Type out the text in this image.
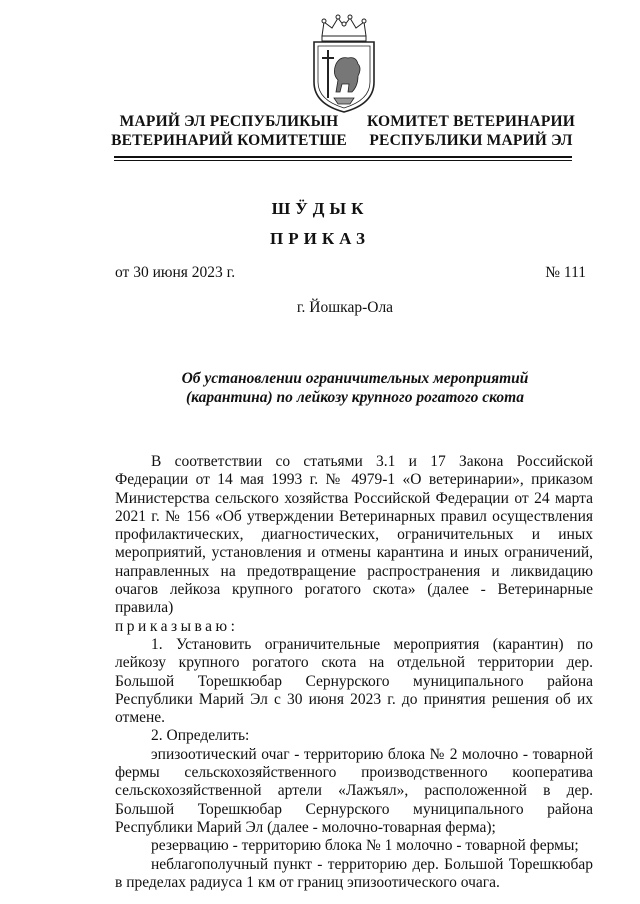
МАРИЙ ЭЛ РЕСПУБЛИКЫН
ВЕТЕРИНАРИЙ КОМИТЕТШЕ
КОМИТЕТ ВЕТЕРИНАРИИ
РЕСПУБЛИКИ МАРИЙ ЭЛ
ШӰДЫК
ПРИКАЗ
от 30 июня 2023 г.	№ 111
г. Йошкар-Ола
Об установлении ограничительных мероприятий
(карантина) по лейкозу крупного рогатого скота

В соответствии со статьями 3.1 и 17 Закона Российской Федерации от 14 мая 1993 г. № 4979-1 «О ветеринарии», приказом Министерства сельского хозяйства Российской Федерации от 24 марта 2021 г. № 156 «Об утверждении Ветеринарных правил осуществления профилактических, диагностических, ограничительных и иных мероприятий, установления и отмены карантина и иных ограничений, направленных на предотвращение распространения и ликвидацию очагов лейкоза крупного рогатого скота» (далее - Ветеринарные правила)

приказываю:

1. Установить ограничительные мероприятия (карантин) по лейкозу крупного рогатого скота на отдельной территории дер. Большой Торешкюбар Сернурского муниципального района Республики Марий Эл с 30 июня 2023 г. до принятия решения об их отмене.

2. Определить:

эпизоотический очаг - территорию блока № 2 молочно - товарной фермы сельскохозяйственного производственного кооператива сельскохозяйственной артели «Лажъял», расположенной в дер. Большой Торешкюбар Сернурского муниципального района Республики Марий Эл (далее - молочно-товарная ферма);

резервацию - территорию блока № 1 молочно - товарной фермы;

неблагополучный пункт - территорию дер. Большой Торешкюбар в пределах радиуса 1 км от границ эпизоотического очага.
